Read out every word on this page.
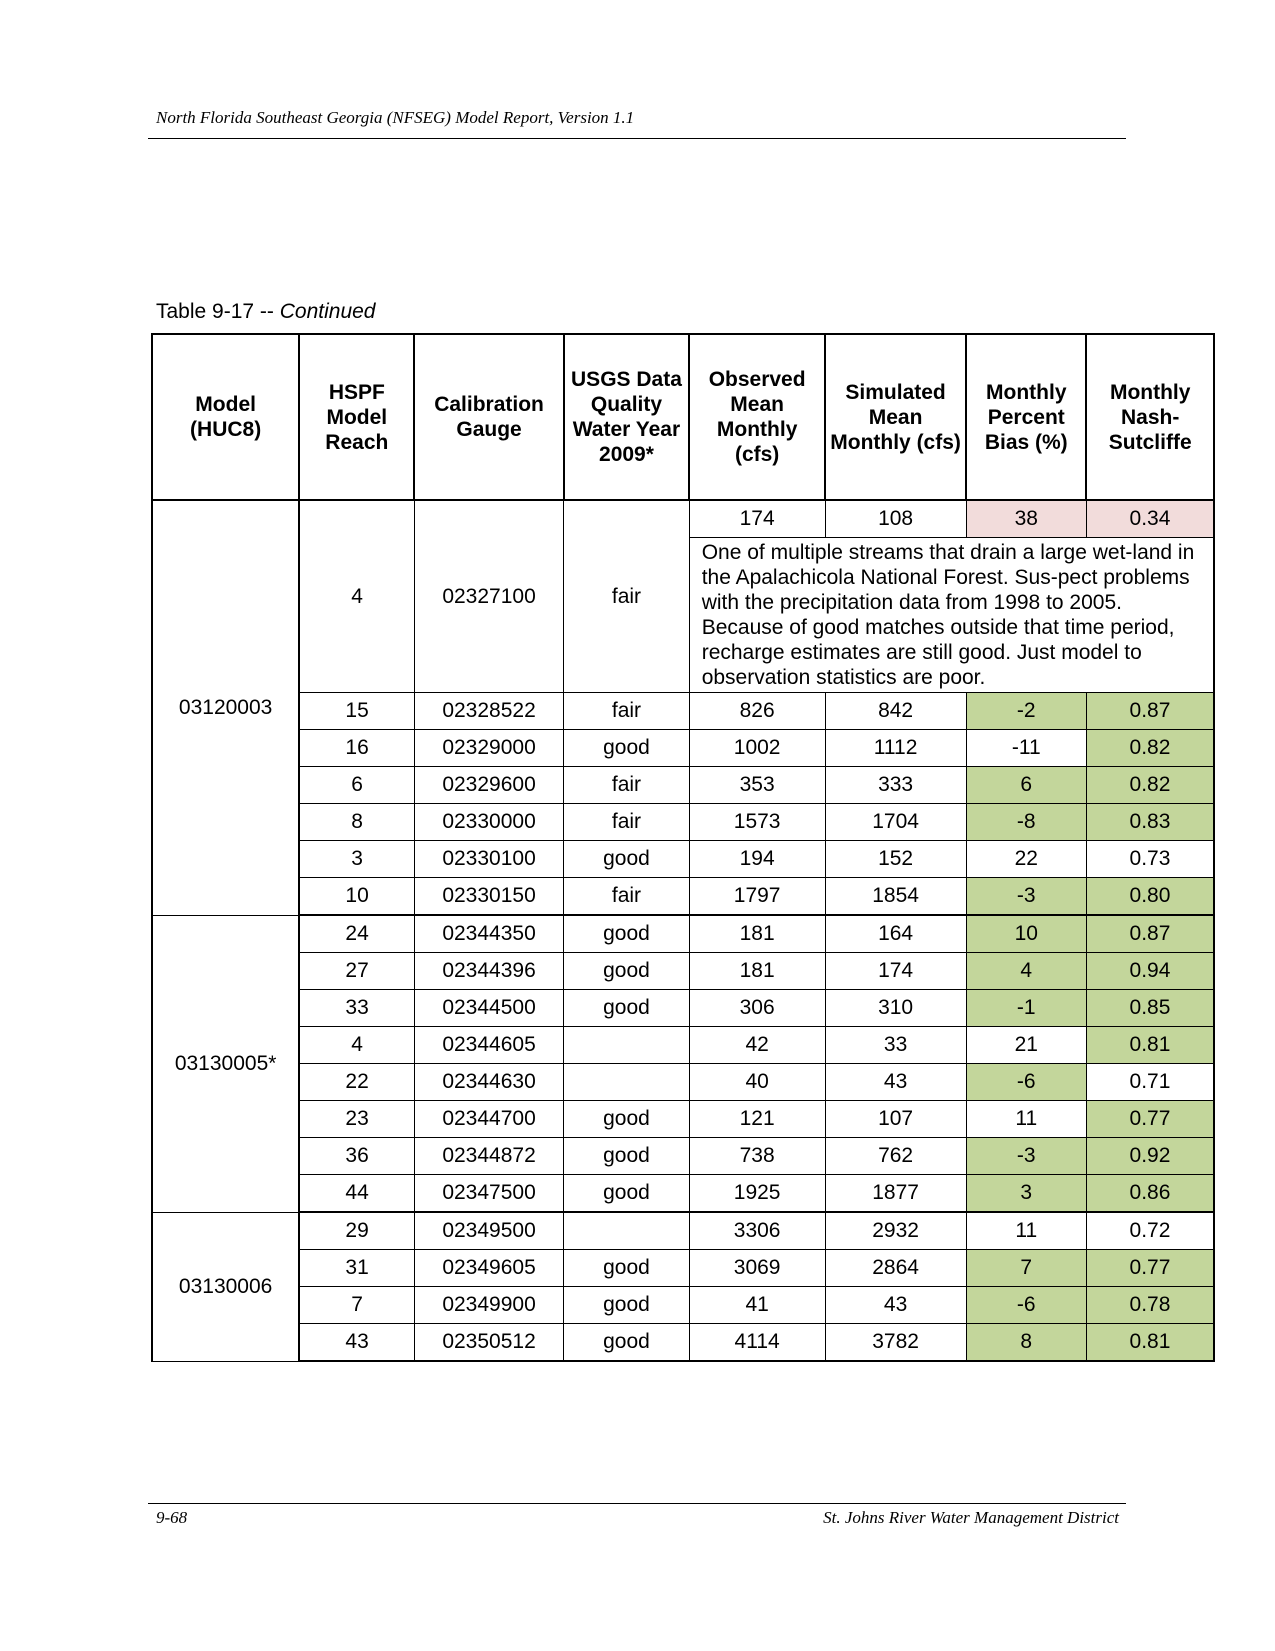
North Florida Southeast Georgia (NFSEG) Model Report, Version 1.1
Table 9-17 -- Continued
Model (HUC8)	HSPF Model Reach	Calibration Gauge	USGS Data Quality Water Year 2009*	Observed Mean Monthly (cfs)	Simulated Mean Monthly (cfs)	Monthly Percent Bias (%)	Monthly Nash-Sutcliffe
03120003	4	02327100	fair	174	108	38	0.34
				One of multiple streams that drain a large wet-land in the Apalachicola National Forest. Sus-pect problems with the precipitation data from 1998 to 2005. Because of good matches outside that time period, recharge estimates are still good. Just model to observation statistics are poor.			
	15	02328522	fair	826	842	-2	0.87
	16	02329000	good	1002	1112	-11	0.82
	6	02329600	fair	353	333	6	0.82
	8	02330000	fair	1573	1704	-8	0.83
	3	02330100	good	194	152	22	0.73
	10	02330150	fair	1797	1854	-3	0.80
03130005*	24	02344350	good	181	164	10	0.87
	27	02344396	good	181	174	4	0.94
	33	02344500	good	306	310	-1	0.85
	4	02344605		42	33	21	0.81
	22	02344630		40	43	-6	0.71
	23	02344700	good	121	107	11	0.77
	36	02344872	good	738	762	-3	0.92
	44	02347500	good	1925	1877	3	0.86
03130006	29	02349500		3306	2932	11	0.72
	31	02349605	good	3069	2864	7	0.77
	7	02349900	good	41	43	-6	0.78
	43	02350512	good	4114	3782	8	0.81
9-68	St. Johns River Water Management District
